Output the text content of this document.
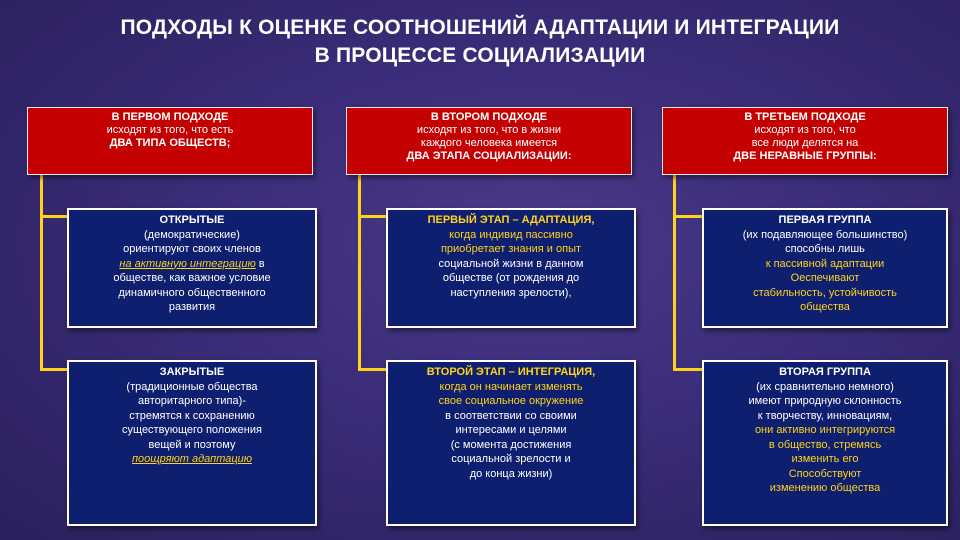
ПОДХОДЫ К ОЦЕНКЕ СООТНОШЕНИЙ АДАПТАЦИИ И ИНТЕГРАЦИИ
В ПРОЦЕССЕ СОЦИАЛИЗАЦИИ
В ПЕРВОМ ПОДХОДЕ
исходят из того, что есть
ДВА ТИПА ОБЩЕСТВ;
ОТКРЫТЫЕ
(демократические)
ориентируют своих членов
на активную интеграцию в
обществе, как важное условие
динамичного общественного
развития
ЗАКРЫТЫЕ
(традиционные общества
авторитарного типа)-
стремятся к сохранению
существующего положения
вещей и поэтому
поощряют адаптацию
В ВТОРОМ ПОДХОДЕ
исходят из того, что в жизни
каждого человека имеется
ДВА ЭТАПА СОЦИАЛИЗАЦИИ:
ПЕРВЫЙ ЭТАП – АДАПТАЦИЯ,
когда индивид пассивно
приобретает знания и опыт
социальной жизни в данном
обществе (от рождения до
наступления зрелости),
ВТОРОЙ ЭТАП – ИНТЕГРАЦИЯ,
когда он начинает изменять
свое социальное окружение
в соответствии со своими
интересами и целями
(с момента достижения
социальной зрелости и
до конца жизни)
В ТРЕТЬЕМ ПОДХОДЕ
исходят из того, что
все люди делятся на
ДВЕ НЕРАВНЫЕ ГРУППЫ:
ПЕРВАЯ ГРУППА
(их подавляющее большинство)
способны лишь
к пассивной адаптации
Оеспечивают
стабильность, устойчивость
общества
ВТОРАЯ ГРУППА
(их сравнительно немного)
имеют природную склонность
к творчеству, инновациям,
они активно интегрируются
в общество, стремясь
изменить его
Способствуют
изменению общества
